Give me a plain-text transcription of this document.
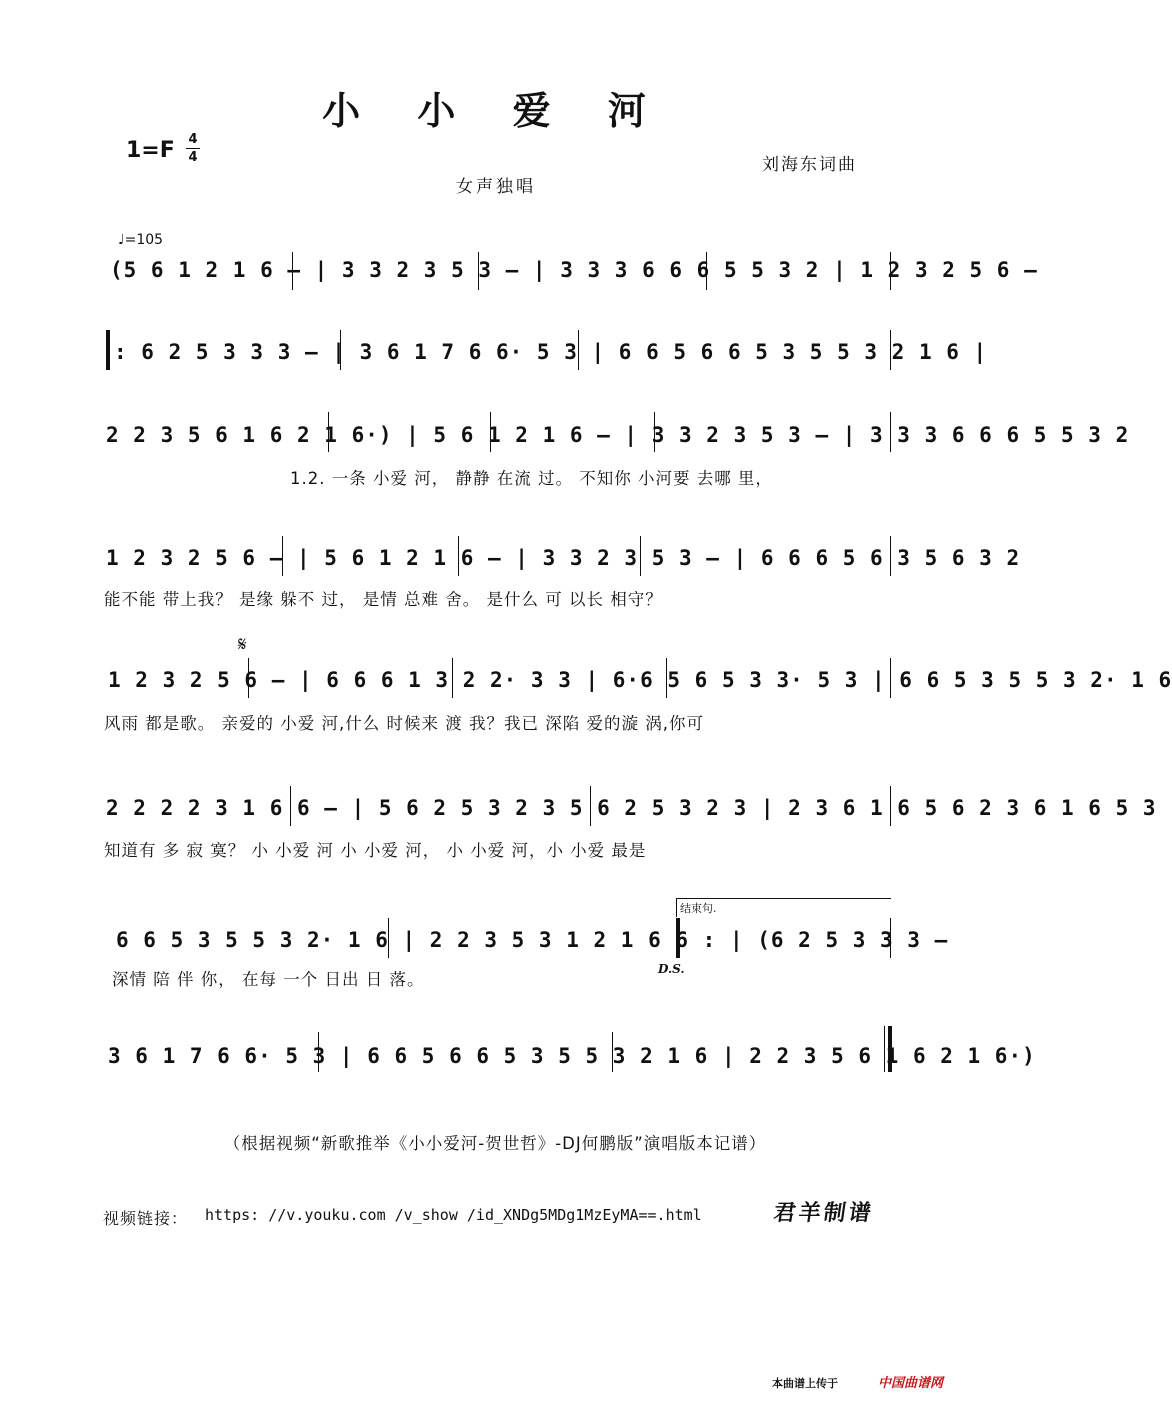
小 小 爱 河
1=F 4
4	刘海东词曲
女声独唱
♩=105
(5 6 1 2 1 6 – | 3 3 2 3 5 3 – | 3 3 3 6 6 6 5 5 3 2 | 1 2 3 2 5 6 –
: 6 2 5 3 3 3 – | 3 6 1 7 6 6· 5 3 | 6 6 5 6 6 5 3 5 5 3 2 1 6 |
2 2 3 5 6 1 6 2 1 6·) | 5 6 1 2 1 6 – | 3 3 2 3 5 3 – | 3 3 3 6 6 6 5 5 3 2
1.2. 一条 小爱 河， 静静 在流 过。 不知你 小河要 去哪 里，
1 2 3 2 5 6 – | 5 6 1 2 1 6 – | 3 3 2 3 5 3 – | 6 6 6 5 6 3 5 6 3 2
能不能 带上我？ 是缘 躲不 过， 是情 总难 舍。 是什么 可 以长 相守？
𝄋
1 2 3 2 5 6 – | 6 6 6 1 3 2 2· 3 3 | 6·6 5 6 5 3 3· 5 3 | 6 6 5 3 5 5 3 2· 1 6
风雨 都是歌。 亲爱的 小爱 河,什么 时候来 渡 我？我已 深陷 爱的漩 涡,你可
2 2 2 2 3 1 6 6 – | 5 6 2 5 3 2 3 5 6 2 5 3 2 3 | 2 3 6 1 6 5 6 2 3 6 1 6 5 3
知道有 多 寂 寞？ 小 小爱 河 小 小爱 河， 小 小爱 河，小 小爱 最是
结束句.
6 6 5 3 5 5 3 2· 1 6 | 2 2 3 5 3 1 2 1 6 6 : | (6 2 5 3 3 3 –
深情 陪 伴 你， 在每 一个 日出 日 落。
D.S.
3 6 1 7 6 6· 5 3 | 6 6 5 6 6 5 3 5 5 3 2 1 6 | 2 2 3 5 6 1 6 2 1 6·)
（根据视频“新歌推举《小小爱河-贺世哲》-DJ何鹏版”演唱版本记谱）
视频链接： https: //v.youku.com /v_show /id_XNDg5MDg1MzEyMA==.html	君羊制谱
本曲谱上传于	中国曲谱网
